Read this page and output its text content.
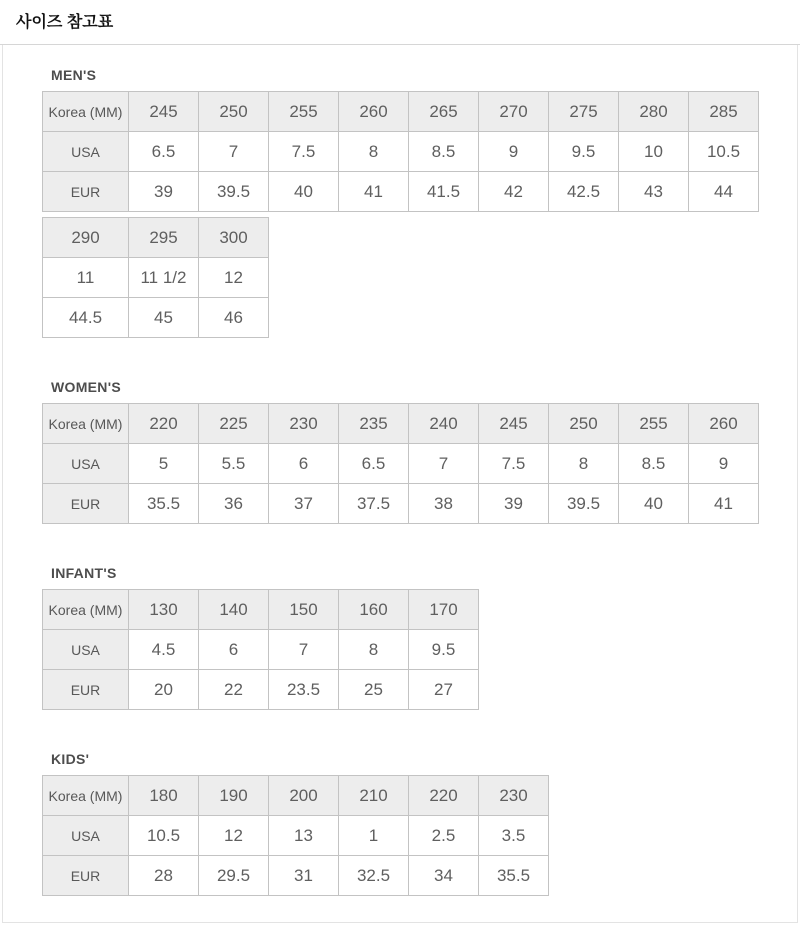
사이즈 참고표
MEN'S
Korea (MM)	245	250	255	260	265	270	275	280	285
USA	6.5	7	7.5	8	8.5	9	9.5	10	10.5
EUR	39	39.5	40	41	41.5	42	42.5	43	44
290	295	300
11	11 1/2	12
44.5	45	46
WOMEN'S
Korea (MM)	220	225	230	235	240	245	250	255	260
USA	5	5.5	6	6.5	7	7.5	8	8.5	9
EUR	35.5	36	37	37.5	38	39	39.5	40	41
INFANT'S
Korea (MM)	130	140	150	160	170
USA	4.5	6	7	8	9.5
EUR	20	22	23.5	25	27
KIDS'
Korea (MM)	180	190	200	210	220	230
USA	10.5	12	13	1	2.5	3.5
EUR	28	29.5	31	32.5	34	35.5
